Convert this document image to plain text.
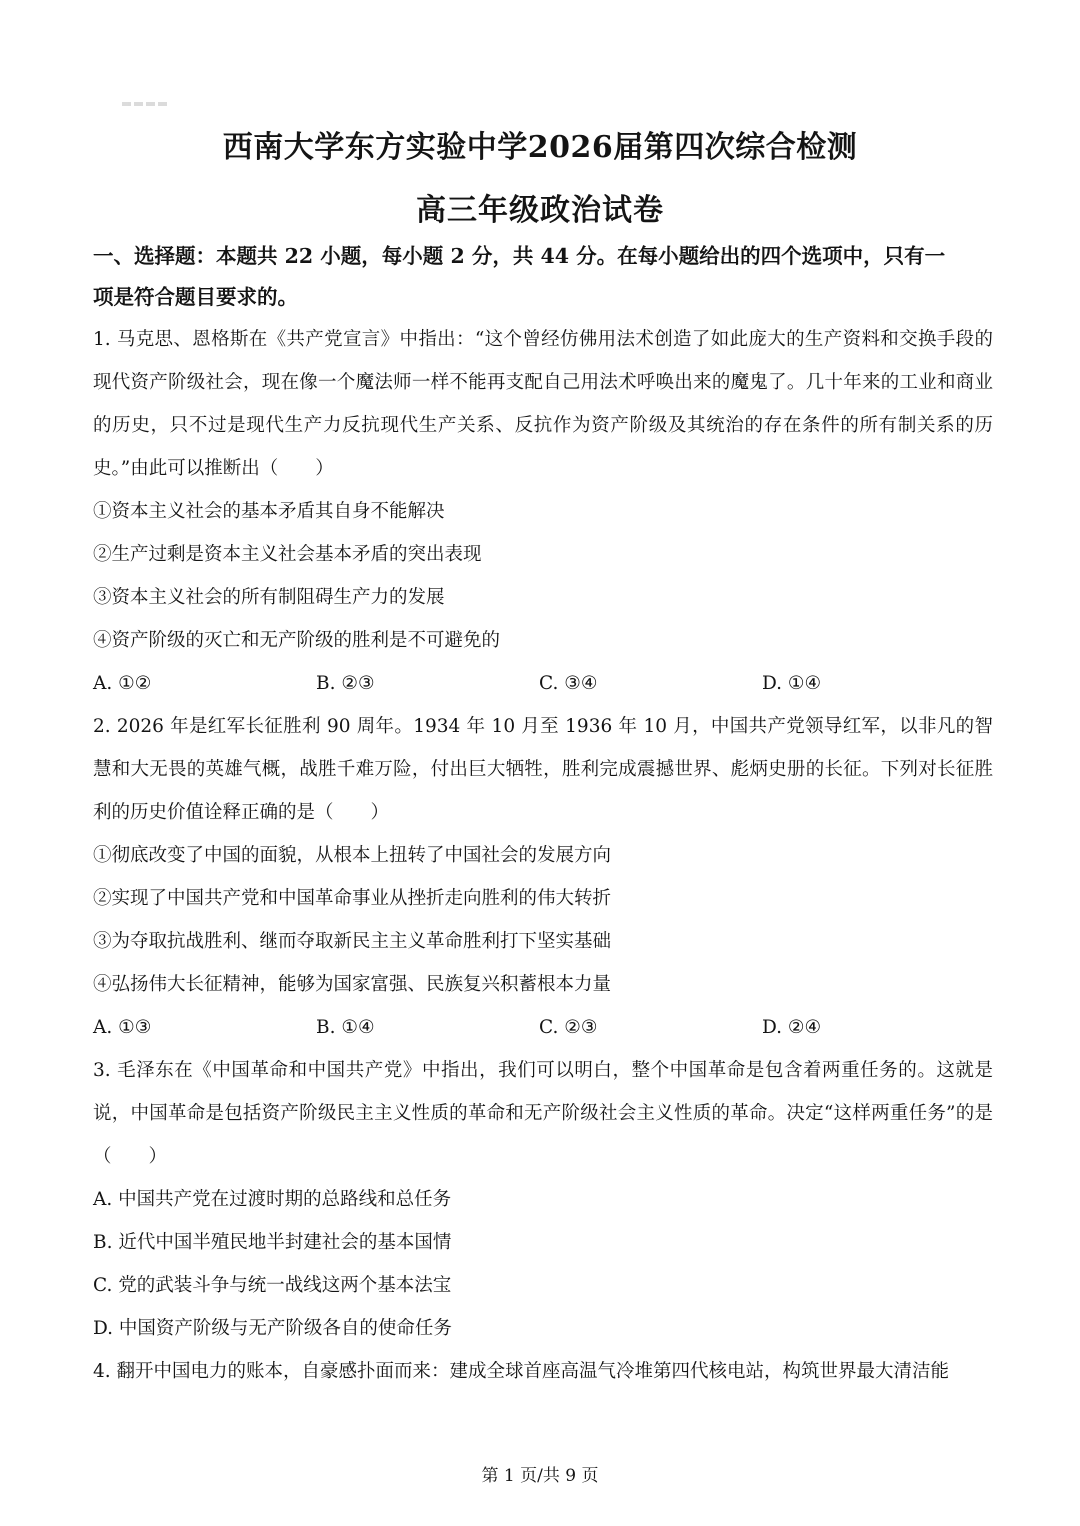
西南大学东方实验中学2026届第四次综合检测
高三年级政治试卷

一、选择题：本题共 22 小题，每小题 2 分，共 44 分。在每小题给出的四个选项中，只有一

项是符合题目要求的。

1. 马克思、恩格斯在《共产党宣言》中指出：“这个曾经仿佛用法术创造了如此庞大的生产资料和交换手段的现代资产阶级社会，现在像一个魔法师一样不能再支配自己用法术呼唤出来的魔鬼了。几十年来的工业和商业的历史，只不过是现代生产力反抗现代生产关系、反抗作为资产阶级及其统治的存在条件的所有制关系的历史。”由此可以推断出（　　）

①资本主义社会的基本矛盾其自身不能解决

②生产过剩是资本主义社会基本矛盾的突出表现

③资本主义社会的所有制阻碍生产力的发展

④资产阶级的灭亡和无产阶级的胜利是不可避免的

A. ①②	B. ②③	C. ③④	D. ①④

2. 2026 年是红军长征胜利 90 周年。1934 年 10 月至 1936 年 10 月，中国共产党领导红军，以非凡的智慧和大无畏的英雄气概，战胜千难万险，付出巨大牺牲，胜利完成震撼世界、彪炳史册的长征。下列对长征胜利的历史价值诠释正确的是（　　）

①彻底改变了中国的面貌，从根本上扭转了中国社会的发展方向

②实现了中国共产党和中国革命事业从挫折走向胜利的伟大转折

③为夺取抗战胜利、继而夺取新民主主义革命胜利打下坚实基础

④弘扬伟大长征精神，能够为国家富强、民族复兴积蓄根本力量

A. ①③	B. ①④	C. ②③	D. ②④

3. 毛泽东在《中国革命和中国共产党》中指出，我们可以明白，整个中国革命是包含着两重任务的。这就是说，中国革命是包括资产阶级民主主义性质的革命和无产阶级社会主义性质的革命。决定“这样两重任务”的是（　　）

A. 中国共产党在过渡时期的总路线和总任务

B. 近代中国半殖民地半封建社会的基本国情

C. 党的武装斗争与统一战线这两个基本法宝

D. 中国资产阶级与无产阶级各自的使命任务

4. 翻开中国电力的账本，自豪感扑面而来：建成全球首座高温气冷堆第四代核电站，构筑世界最大清洁能

第 1 页/共 9 页
